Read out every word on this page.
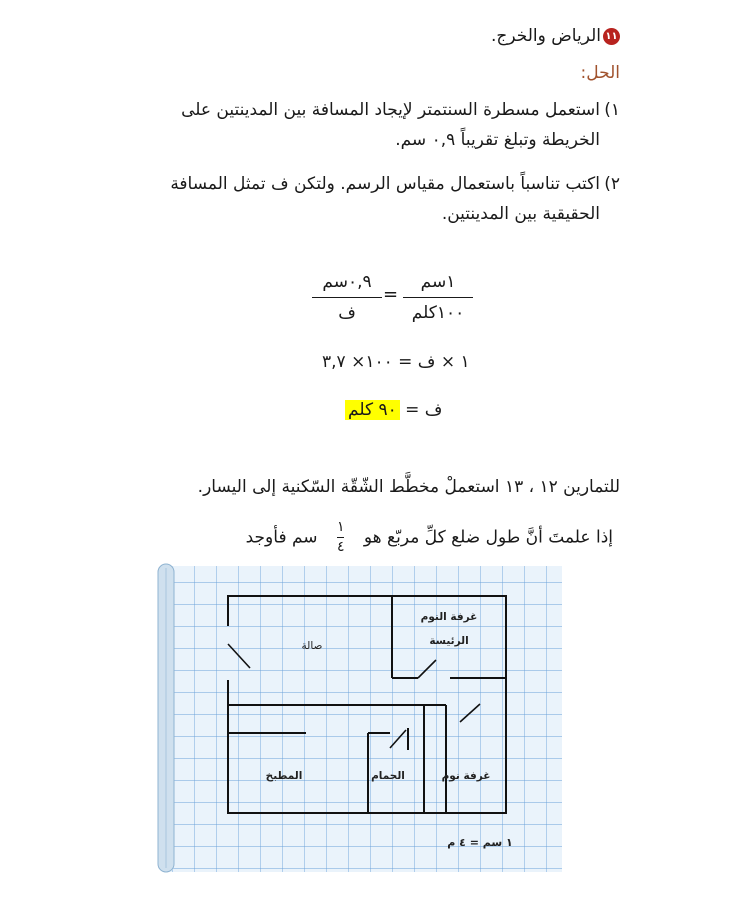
١١الرياض والخرج.
الحل:
١)
استعمل مسطرة السنتمتر لإيجاد المسافة بين المدينتين على
الخريطة وتبلغ تقريباً ٠,٩ سم.
٢)
اكتب تناسباً باستعمال مقياس الرسم. ولتكن ف تمثل المسافة
الحقيقية بين المدينتين.
١سم
١٠٠كلم
=
٠,٩سم
ف
١ × ف = ١٠٠× ٣,٧
ف = ٩٠ كلم
للتمارين ١٢ ، ١٣ استعملْ مخطَّط الشّقّة السّكنية إلى اليسار.
إذا علمتَ أنَّ طول ضلع كلِّ مربّع هو
١
٤
سم فأوجد
غرفة النوم
الرئيسة
صالة
المطبخ	الحمام	غرفة نوم
١ سم = ٤ م
